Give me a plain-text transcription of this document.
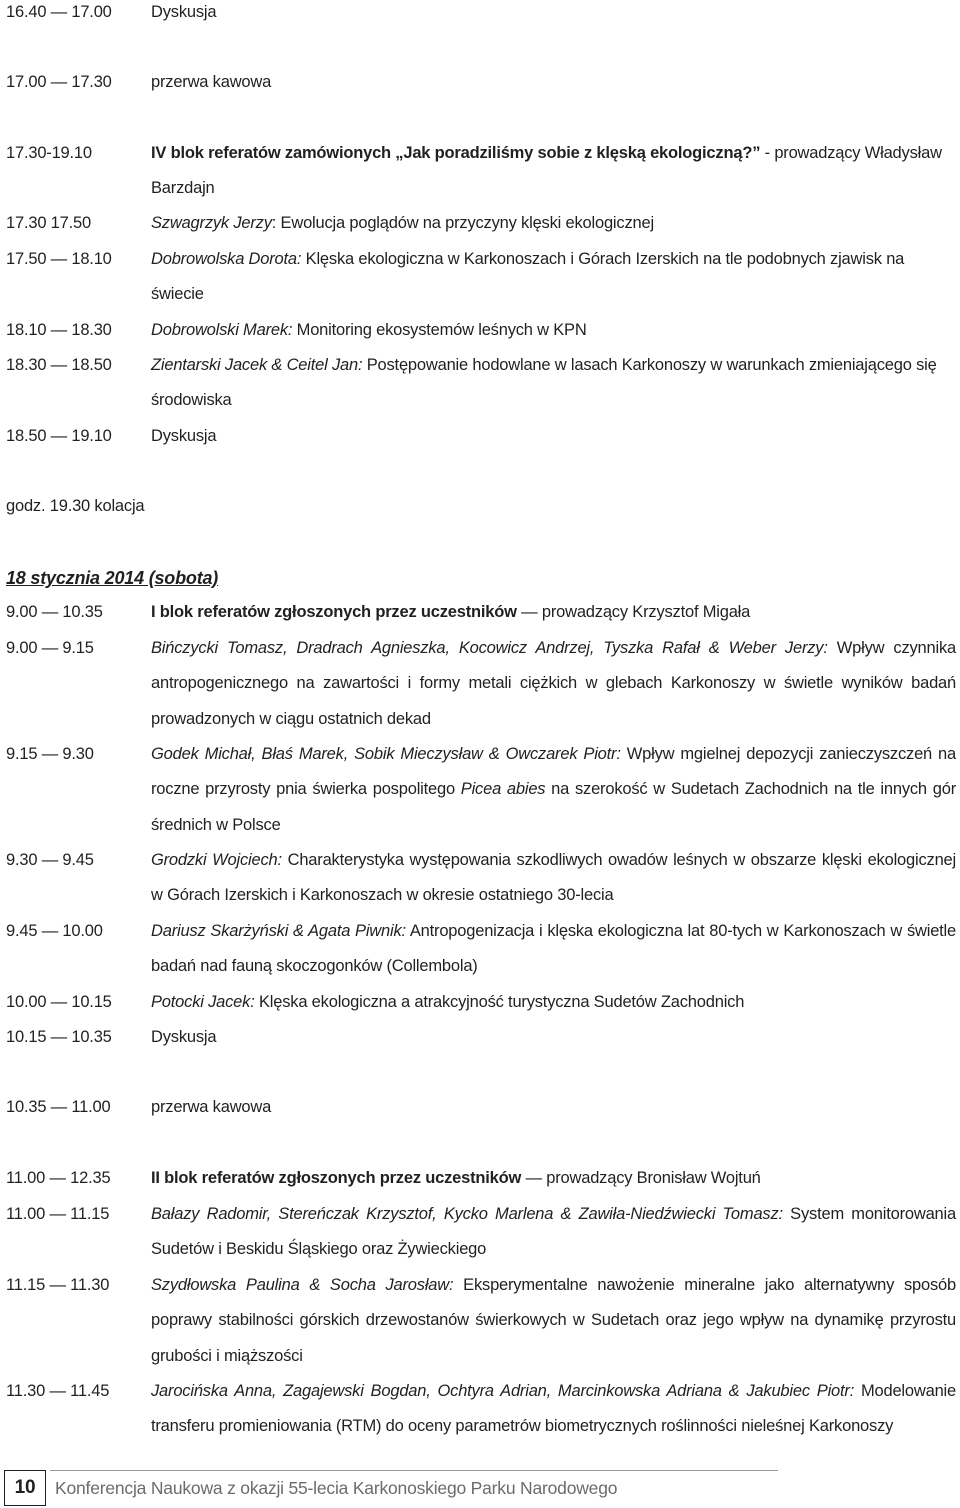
16.40 — 17.00	Dyskusja
17.00 — 17.30	przerwa kawowa
17.30-19.10	IV blok referatów zamówionych „Jak poradziliśmy sobie z klęską ekologiczną?” - prowadzący Władysław Barzdajn
17.30 17.50	Szwagrzyk Jerzy: Ewolucja poglądów na przyczyny klęski ekologicznej
17.50 — 18.10	Dobrowolska Dorota: Klęska ekologiczna w Karkonoszach i Górach Izerskich na tle podobnych zjawisk na świecie
18.10 — 18.30	Dobrowolski Marek: Monitoring ekosystemów leśnych w KPN
18.30 — 18.50	Zientarski Jacek & Ceitel Jan: Postępowanie hodowlane w lasach Karkonoszy w warunkach zmieniającego się środowiska
18.50 — 19.10	Dyskusja
godz. 19.30 kolacja
18 stycznia 2014 (sobota)
9.00 — 10.35	I blok referatów zgłoszonych przez uczestników — prowadzący Krzysztof Migała
9.00 — 9.15	Bińczycki Tomasz, Dradrach Agnieszka, Kocowicz Andrzej, Tyszka Rafał & Weber Jerzy: Wpływ czynnika antropogenicznego na zawartości i formy metali ciężkich w glebach Karkonoszy w świetle wyników badań prowadzonych w ciągu ostatnich dekad
9.15 — 9.30	Godek Michał, Błaś Marek, Sobik Mieczysław & Owczarek Piotr: Wpływ mgielnej depozycji zanieczyszczeń na roczne przyrosty pnia świerka pospolitego Picea abies na szerokość w Sudetach Zachodnich na tle innych gór średnich w Polsce
9.30 — 9.45	Grodzki Wojciech: Charakterystyka występowania szkodliwych owadów leśnych w obszarze klęski ekologicznej w Górach Izerskich i Karkonoszach w okresie ostatniego 30-lecia
9.45 — 10.00	Dariusz Skarżyński & Agata Piwnik: Antropogenizacja i klęska ekologiczna lat 80-tych w Karkonoszach w świetle badań nad fauną skoczogonków (Collembola)
10.00 — 10.15	Potocki Jacek: Klęska ekologiczna a atrakcyjność turystyczna Sudetów Zachodnich
10.15 — 10.35	Dyskusja
10.35 — 11.00	przerwa kawowa
11.00 — 12.35	II blok referatów zgłoszonych przez uczestników — prowadzący Bronisław Wojtuń
11.00 — 11.15	Bałazy Radomir, Stereńczak Krzysztof, Kycko Marlena & Zawiła-Niedźwiecki Tomasz: System monitorowania Sudetów i Beskidu Śląskiego oraz Żywieckiego
11.15 — 11.30	Szydłowska Paulina & Socha Jarosław: Eksperymentalne nawożenie mineralne jako alternatywny sposób poprawy stabilności górskich drzewostanów świerkowych w Sudetach oraz jego wpływ na dynamikę przyrostu grubości i miąższości
11.30 — 11.45	Jarocińska Anna, Zagajewski Bogdan, Ochtyra Adrian, Marcinkowska Adriana & Jakubiec Piotr: Modelowanie transferu promieniowania (RTM) do oceny parametrów biometrycznych roślinności nieleśnej Karkonoszy
10	Konferencja Naukowa z okazji 55-lecia Karkonoskiego Parku Narodowego
